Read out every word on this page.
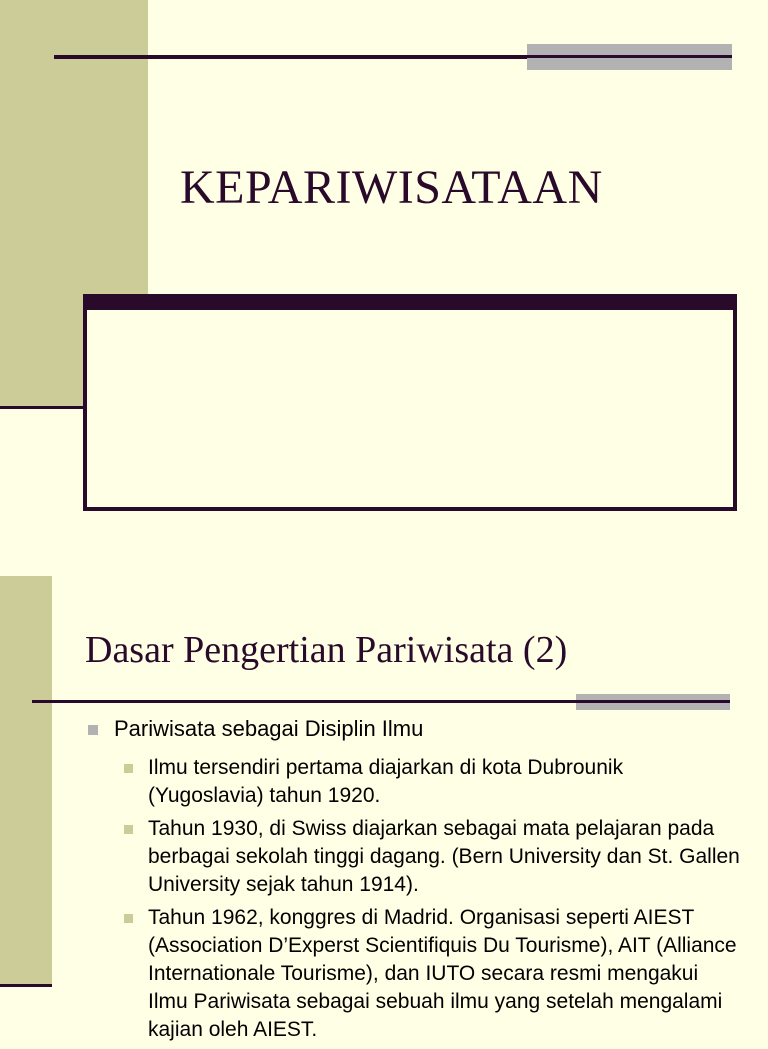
KEPARIWISATAAN
Dasar Pengertian Pariwisata (2)
Pariwisata sebagai Disiplin Ilmu
Ilmu tersendiri pertama diajarkan di kota Dubrounik (Yugoslavia) tahun 1920.
Tahun 1930, di Swiss diajarkan sebagai mata pelajaran pada berbagai sekolah tinggi dagang. (Bern University dan St. Gallen University sejak tahun 1914).
Tahun 1962, konggres di Madrid. Organisasi seperti AIEST (Association D’Experst Scientifiquis Du Tourisme), AIT (Alliance Internationale Tourisme), dan IUTO secara resmi mengakui Ilmu Pariwisata sebagai sebuah ilmu yang setelah mengalami kajian oleh AIEST.
